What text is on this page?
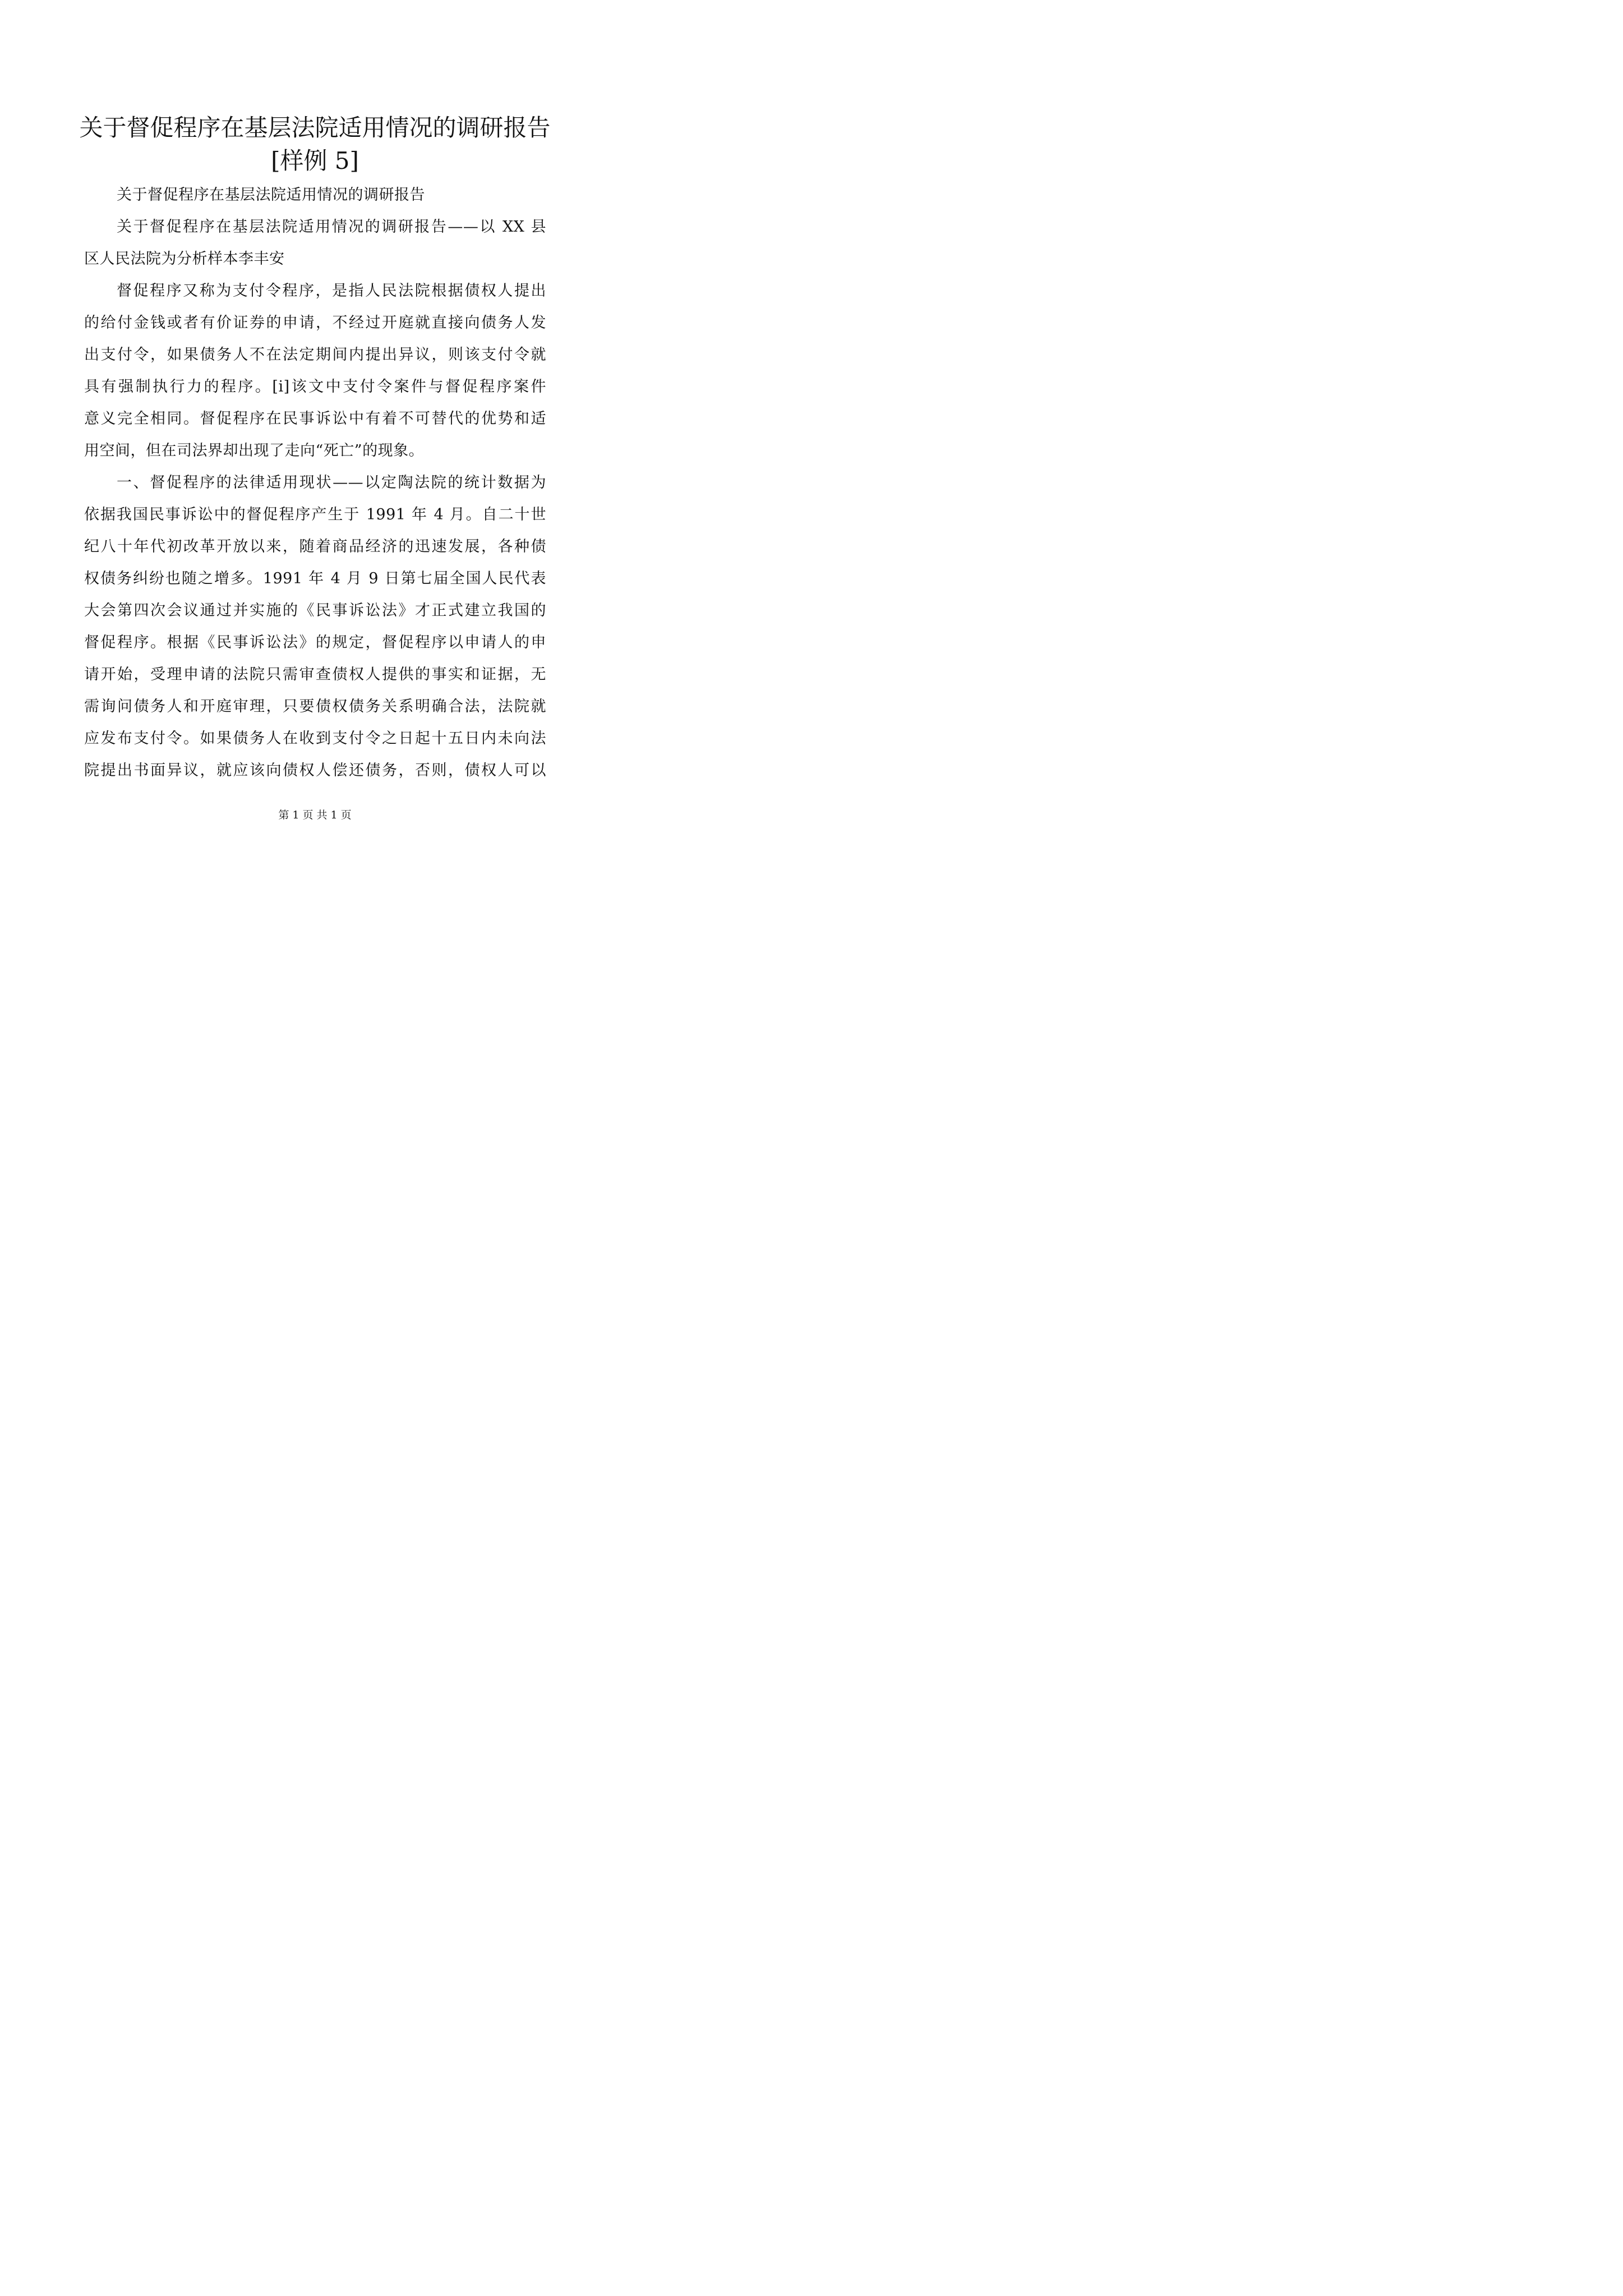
关于督促程序在基层法院适用情况的调研报告
[样例 5]
关于督促程序在基层法院适用情况的调研报告
关于督促程序在基层法院适用情况的调研报告——以 XX 县
区人民法院为分析样本李丰安
督促程序又称为支付令程序，是指人民法院根据债权人提出
的给付金钱或者有价证券的申请，不经过开庭就直接向债务人发
出支付令，如果债务人不在法定期间内提出异议，则该支付令就
具有强制执行力的程序。[i]该文中支付令案件与督促程序案件
意义完全相同。督促程序在民事诉讼中有着不可替代的优势和适
用空间，但在司法界却出现了走向“死亡”的现象。
一、督促程序的法律适用现状——以定陶法院的统计数据为
依据我国民事诉讼中的督促程序产生于 1991 年 4 月。自二十世
纪八十年代初改革开放以来，随着商品经济的迅速发展，各种债
权债务纠纷也随之增多。1991 年 4 月 9 日第七届全国人民代表
大会第四次会议通过并实施的《民事诉讼法》才正式建立我国的
督促程序。根据《民事诉讼法》的规定，督促程序以申请人的申
请开始，受理申请的法院只需审查债权人提供的事实和证据，无
需询问债务人和开庭审理，只要债权债务关系明确合法，法院就
应发布支付令。如果债务人在收到支付令之日起十五日内未向法
院提出书面异议，就应该向债权人偿还债务，否则，债权人可以
第 1 页 共 1 页
